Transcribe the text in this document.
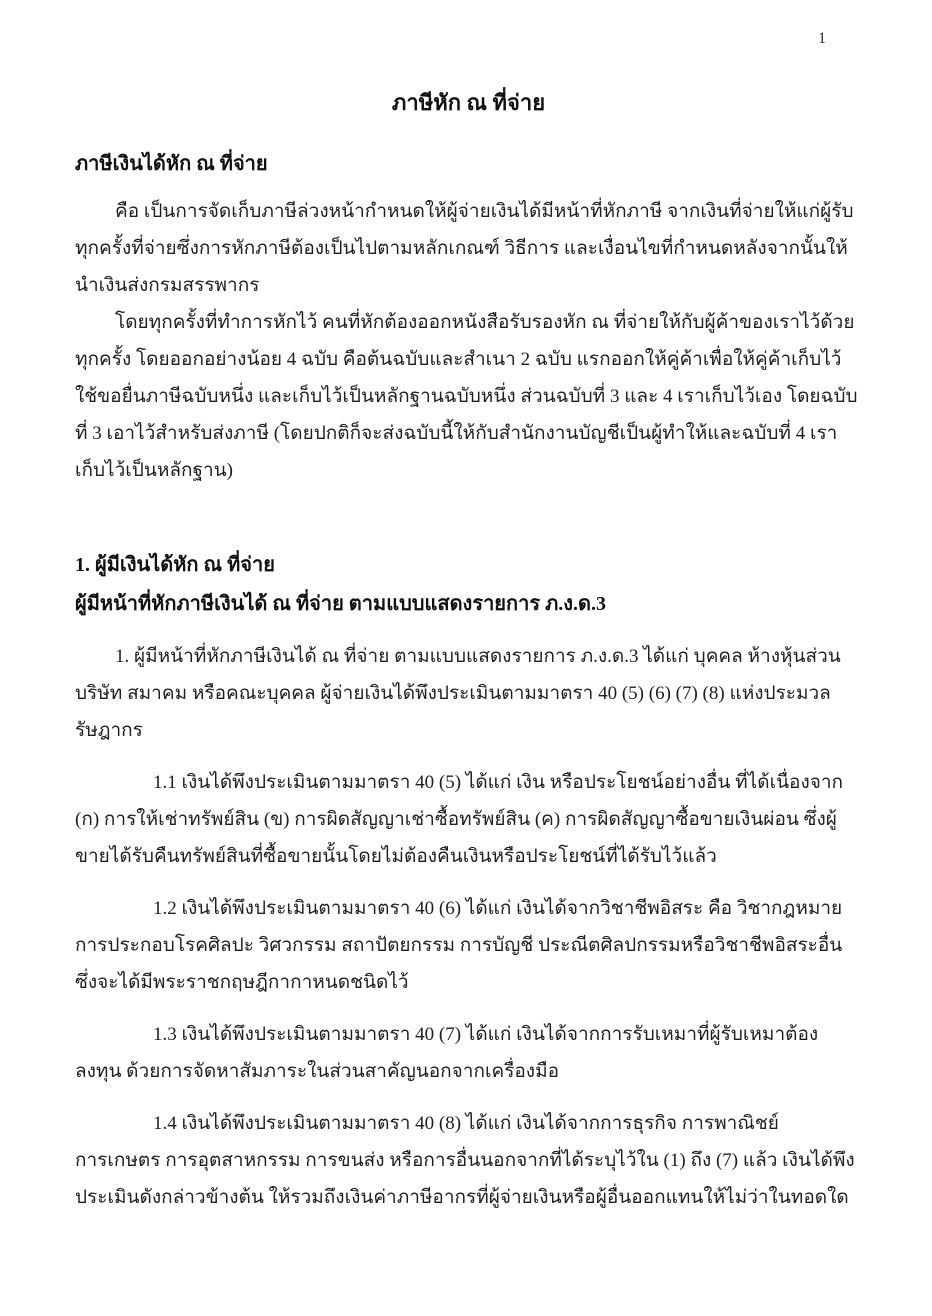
1
ภาษีหัก ณ ที่จ่าย
ภาษีเงินได้หัก ณ ที่จ่าย

คือ เป็นการจัดเก็บภาษีล่วงหน้ากำหนดให้ผู้จ่ายเงินได้มีหน้าที่หักภาษี จากเงินที่จ่ายให้แก่ผู้รับทุกครั้งที่จ่ายซึ่งการหักภาษีต้องเป็นไปตามหลักเกณฑ์ วิธีการ และเงื่อนไขที่กำหนดหลังจากนั้นให้นำเงินส่งกรมสรรพากร

โดยทุกครั้งที่ทำการหักไว้ คนที่หักต้องออกหนังสือรับรองหัก ณ ที่จ่ายให้กับผู้ค้าของเราไว้ด้วยทุกครั้ง โดยออกอย่างน้อย 4 ฉบับ คือต้นฉบับและสำเนา 2 ฉบับ แรกออกให้คู่ค้าเพื่อให้คู่ค้าเก็บไว้ใช้ขอยื่นภาษีฉบับหนึ่ง และเก็บไว้เป็นหลักฐานฉบับหนึ่ง ส่วนฉบับที่ 3 และ 4 เราเก็บไว้เอง โดยฉบับที่ 3 เอาไว้สำหรับส่งภาษี (โดยปกติก็จะส่งฉบับนี้ให้กับสำนักงานบัญชีเป็นผู้ทำให้และฉบับที่ 4 เราเก็บไว้เป็นหลักฐาน)

1. ผู้มีเงินได้หัก ณ ที่จ่าย
ผู้มีหน้าที่หักภาษีเงินได้ ณ ที่จ่าย ตามแบบแสดงรายการ ภ.ง.ด.3

1. ผู้มีหน้าที่หักภาษีเงินได้ ณ ที่จ่าย ตามแบบแสดงรายการ ภ.ง.ด.3 ได้แก่ บุคคล ห้างหุ้นส่วน บริษัท สมาคม หรือคณะบุคคล ผู้จ่ายเงินได้พึงประเมินตามมาตรา 40 (5) (6) (7) (8) แห่งประมวลรัษฎากร

1.1 เงินได้พึงประเมินตามมาตรา 40 (5) ได้แก่ เงิน หรือประโยชน์อย่างอื่น ที่ได้เนื่องจาก (ก) การให้เช่าทรัพย์สิน (ข) การผิดสัญญาเช่าซื้อทรัพย์สิน (ค) การผิดสัญญาซื้อขายเงินผ่อน ซึ่งผู้ขายได้รับคืนทรัพย์สินที่ซื้อขายนั้นโดยไม่ต้องคืนเงินหรือประโยชน์ที่ได้รับไว้แล้ว

1.2 เงินได้พึงประเมินตามมาตรา 40 (6) ได้แก่ เงินได้จากวิชาชีพอิสระ คือ วิชากฎหมาย การประกอบโรคศิลปะ วิศวกรรม สถาปัตยกรรม การบัญชี ประณีตศิลปกรรมหรือวิชาชีพอิสระอื่น ซึ่งจะได้มีพระราชกฤษฎีกากาหนดชนิดไว้

1.3 เงินได้พึงประเมินตามมาตรา 40 (7) ได้แก่ เงินได้จากการรับเหมาที่ผู้รับเหมาต้องลงทุน ด้วยการจัดหาสัมภาระในส่วนสาคัญนอกจากเครื่องมือ

1.4 เงินได้พึงประเมินตามมาตรา 40 (8) ได้แก่ เงินได้จากการธุรกิจ การพาณิชย์ การเกษตร การอุตสาหกรรม การขนส่ง หรือการอื่นนอกจากที่ได้ระบุไว้ใน (1) ถึง (7) แล้ว เงินได้พึงประเมินดังกล่าวข้างต้น ให้รวมถึงเงินค่าภาษีอากรที่ผู้จ่ายเงินหรือผู้อื่นออกแทนให้ไม่ว่าในทอดใด
